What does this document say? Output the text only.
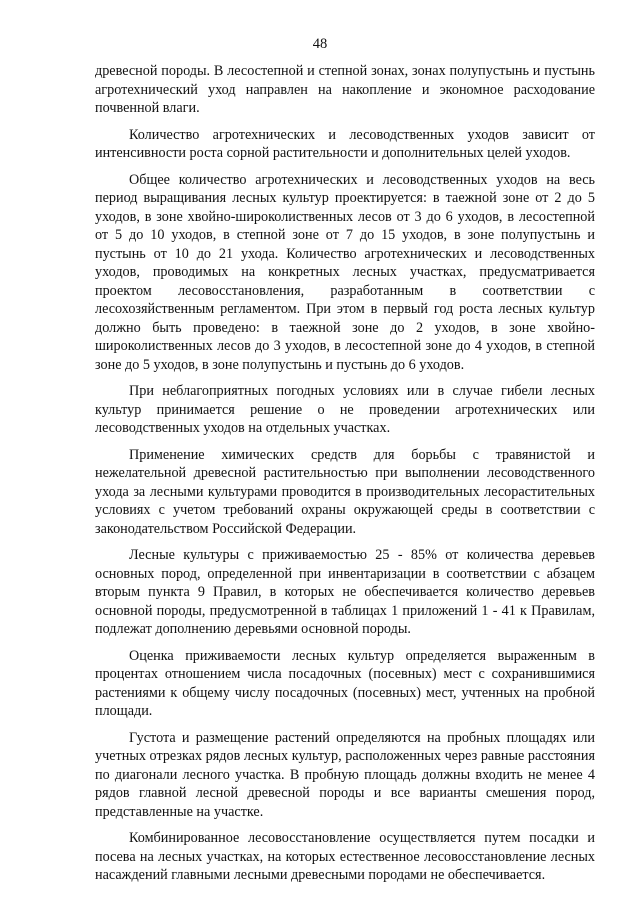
48

древесной породы. В лесостепной и степной зонах, зонах полупустынь и пустынь агротехнический уход направлен на накопление и экономное расходование почвенной влаги.

Количество агротехнических и лесоводственных уходов зависит от интенсивности роста сорной растительности и дополнительных целей уходов.

Общее количество агротехнических и лесоводственных уходов на весь период выращивания лесных культур проектируется: в таежной зоне от 2 до 5 уходов, в зоне хвойно-широколиственных лесов от 3 до 6 уходов, в лесостепной от 5 до 10 уходов, в степной зоне от 7 до 15 уходов, в зоне полупустынь и пустынь от 10 до 21 ухода. Количество агротехнических и лесоводственных уходов, проводимых на конкретных лесных участках, предусматривается проектом лесовосстановления, разработанным в соответствии с лесохозяйственным регламентом. При этом в первый год роста лесных культур должно быть проведено: в таежной зоне до 2 уходов, в зоне хвойно-широколиственных лесов до 3 уходов, в лесостепной зоне до 4 уходов, в степной зоне до 5 уходов, в зоне полупустынь и пустынь до 6 уходов.

При неблагоприятных погодных условиях или в случае гибели лесных культур принимается решение о не проведении агротехнических или лесоводственных уходов на отдельных участках.

Применение химических средств для борьбы с травянистой и нежелательной древесной растительностью при выполнении лесоводственного ухода за лесными культурами проводится в производительных лесорастительных условиях с учетом требований охраны окружающей среды в соответствии с законодательством Российской Федерации.

Лесные культуры с приживаемостью 25 - 85% от количества деревьев основных пород, определенной при инвентаризации в соответствии с абзацем вторым пункта 9 Правил, в которых не обеспечивается количество деревьев основной породы, предусмотренной в таблицах 1 приложений 1 - 41 к Правилам, подлежат дополнению деревьями основной породы.

Оценка приживаемости лесных культур определяется выраженным в процентах отношением числа посадочных (посевных) мест с сохранившимися растениями к общему числу посадочных (посевных) мест, учтенных на пробной площади.

Густота и размещение растений определяются на пробных площадях или учетных отрезках рядов лесных культур, расположенных через равные расстояния по диагонали лесного участка. В пробную площадь должны входить не менее 4 рядов главной лесной древесной породы и все варианты смешения пород, представленные на участке.

Комбинированное лесовосстановление осуществляется путем посадки и посева на лесных участках, на которых естественное лесовосстановление лесных насаждений главными лесными древесными породами не обеспечивается.
